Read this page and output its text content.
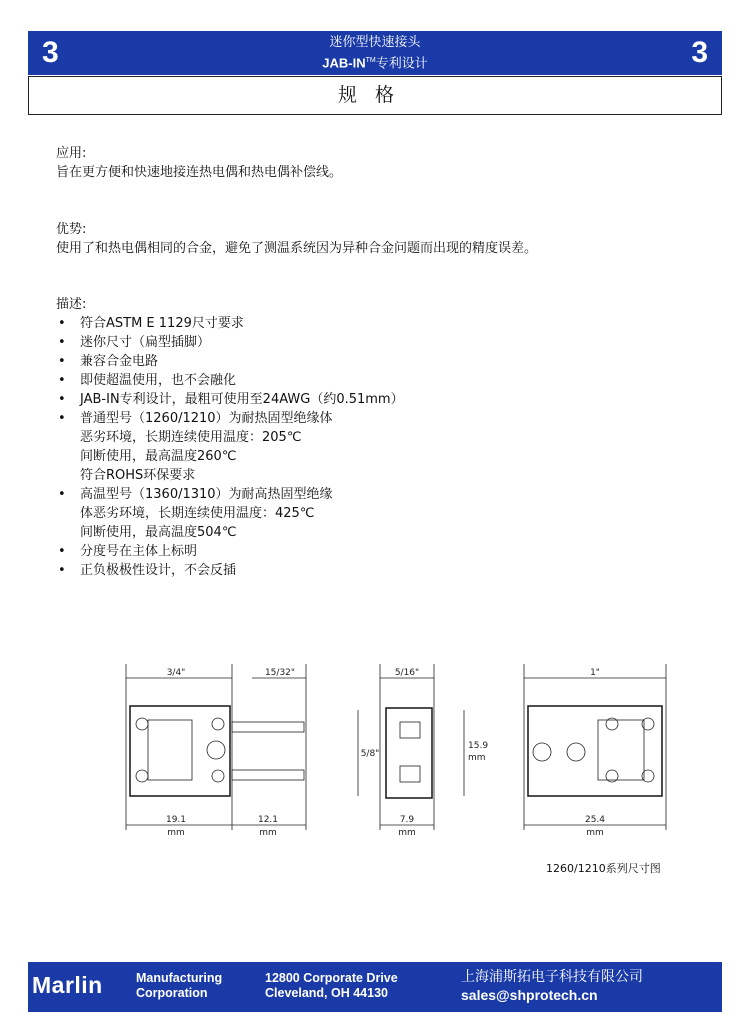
3	迷你型快速接头
JAB-IN™专利设计	3
规格
应用:
旨在更方便和快速地接连热电偶和热电偶补偿线。
优势:
使用了和热电偶相同的合金，避免了测温系统因为异种合金问题而出现的精度误差。
描述:
• 符合ASTM E 1129尺寸要求
• 迷你尺寸（扁型插脚）
• 兼容合金电路
• 即使超温使用，也不会融化
• JAB-IN专利设计，最粗可使用至24AWG（约0.51mm）
• 普通型号（1260/1210）为耐热固型绝缘体
恶劣环境，长期连续使用温度：205℃
间断使用，最高温度260℃
符合ROHS环保要求
• 高温型号（1360/1310）为耐高热固型绝缘
体恶劣环境，长期连续使用温度：425℃
间断使用，最高温度504℃
• 分度号在主体上标明
• 正负极极性设计，不会反插
3/4"	15/32"	5/16"	1"
5/8"
15.9
mm
19.1
mm
12.1
mm
7.9
mm
25.4
mm
1260/1210系列尺寸图
Marlin	Manufacturing
Corporation
12800 Corporate Drive
Cleveland, OH 44130
上海浦斯拓电子科技有限公司
sales@shprotech.cn
